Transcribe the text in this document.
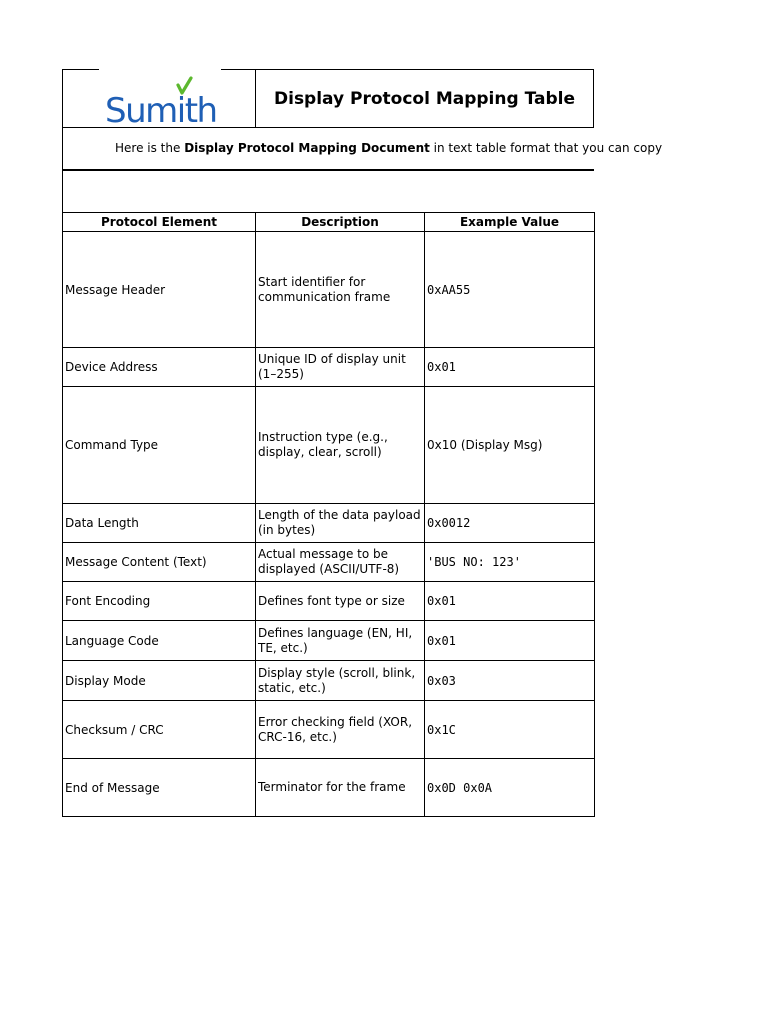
Sumith	Display Protocol Mapping Table
Here is the Display Protocol Mapping Document in text table format that you can copy
Protocol Element	Description	Example Value
Message Header	Start identifier for communication frame	0xAA55
Device Address	Unique ID of display unit (1–255)	0x01
Command Type	Instruction type (e.g., display, clear, scroll)	0x10 (Display Msg)
Data Length	Length of the data payload (in bytes)	0x0012
Message Content (Text)	Actual message to be displayed (ASCII/UTF-8)	'BUS NO: 123'
Font Encoding	Defines font type or size	0x01
Language Code	Defines language (EN, HI, TE, etc.)	0x01
Display Mode	Display style (scroll, blink, static, etc.)	0x03
Checksum / CRC	Error checking field (XOR, CRC-16, etc.)	0x1C
End of Message	Terminator for the frame	0x0D 0x0A
